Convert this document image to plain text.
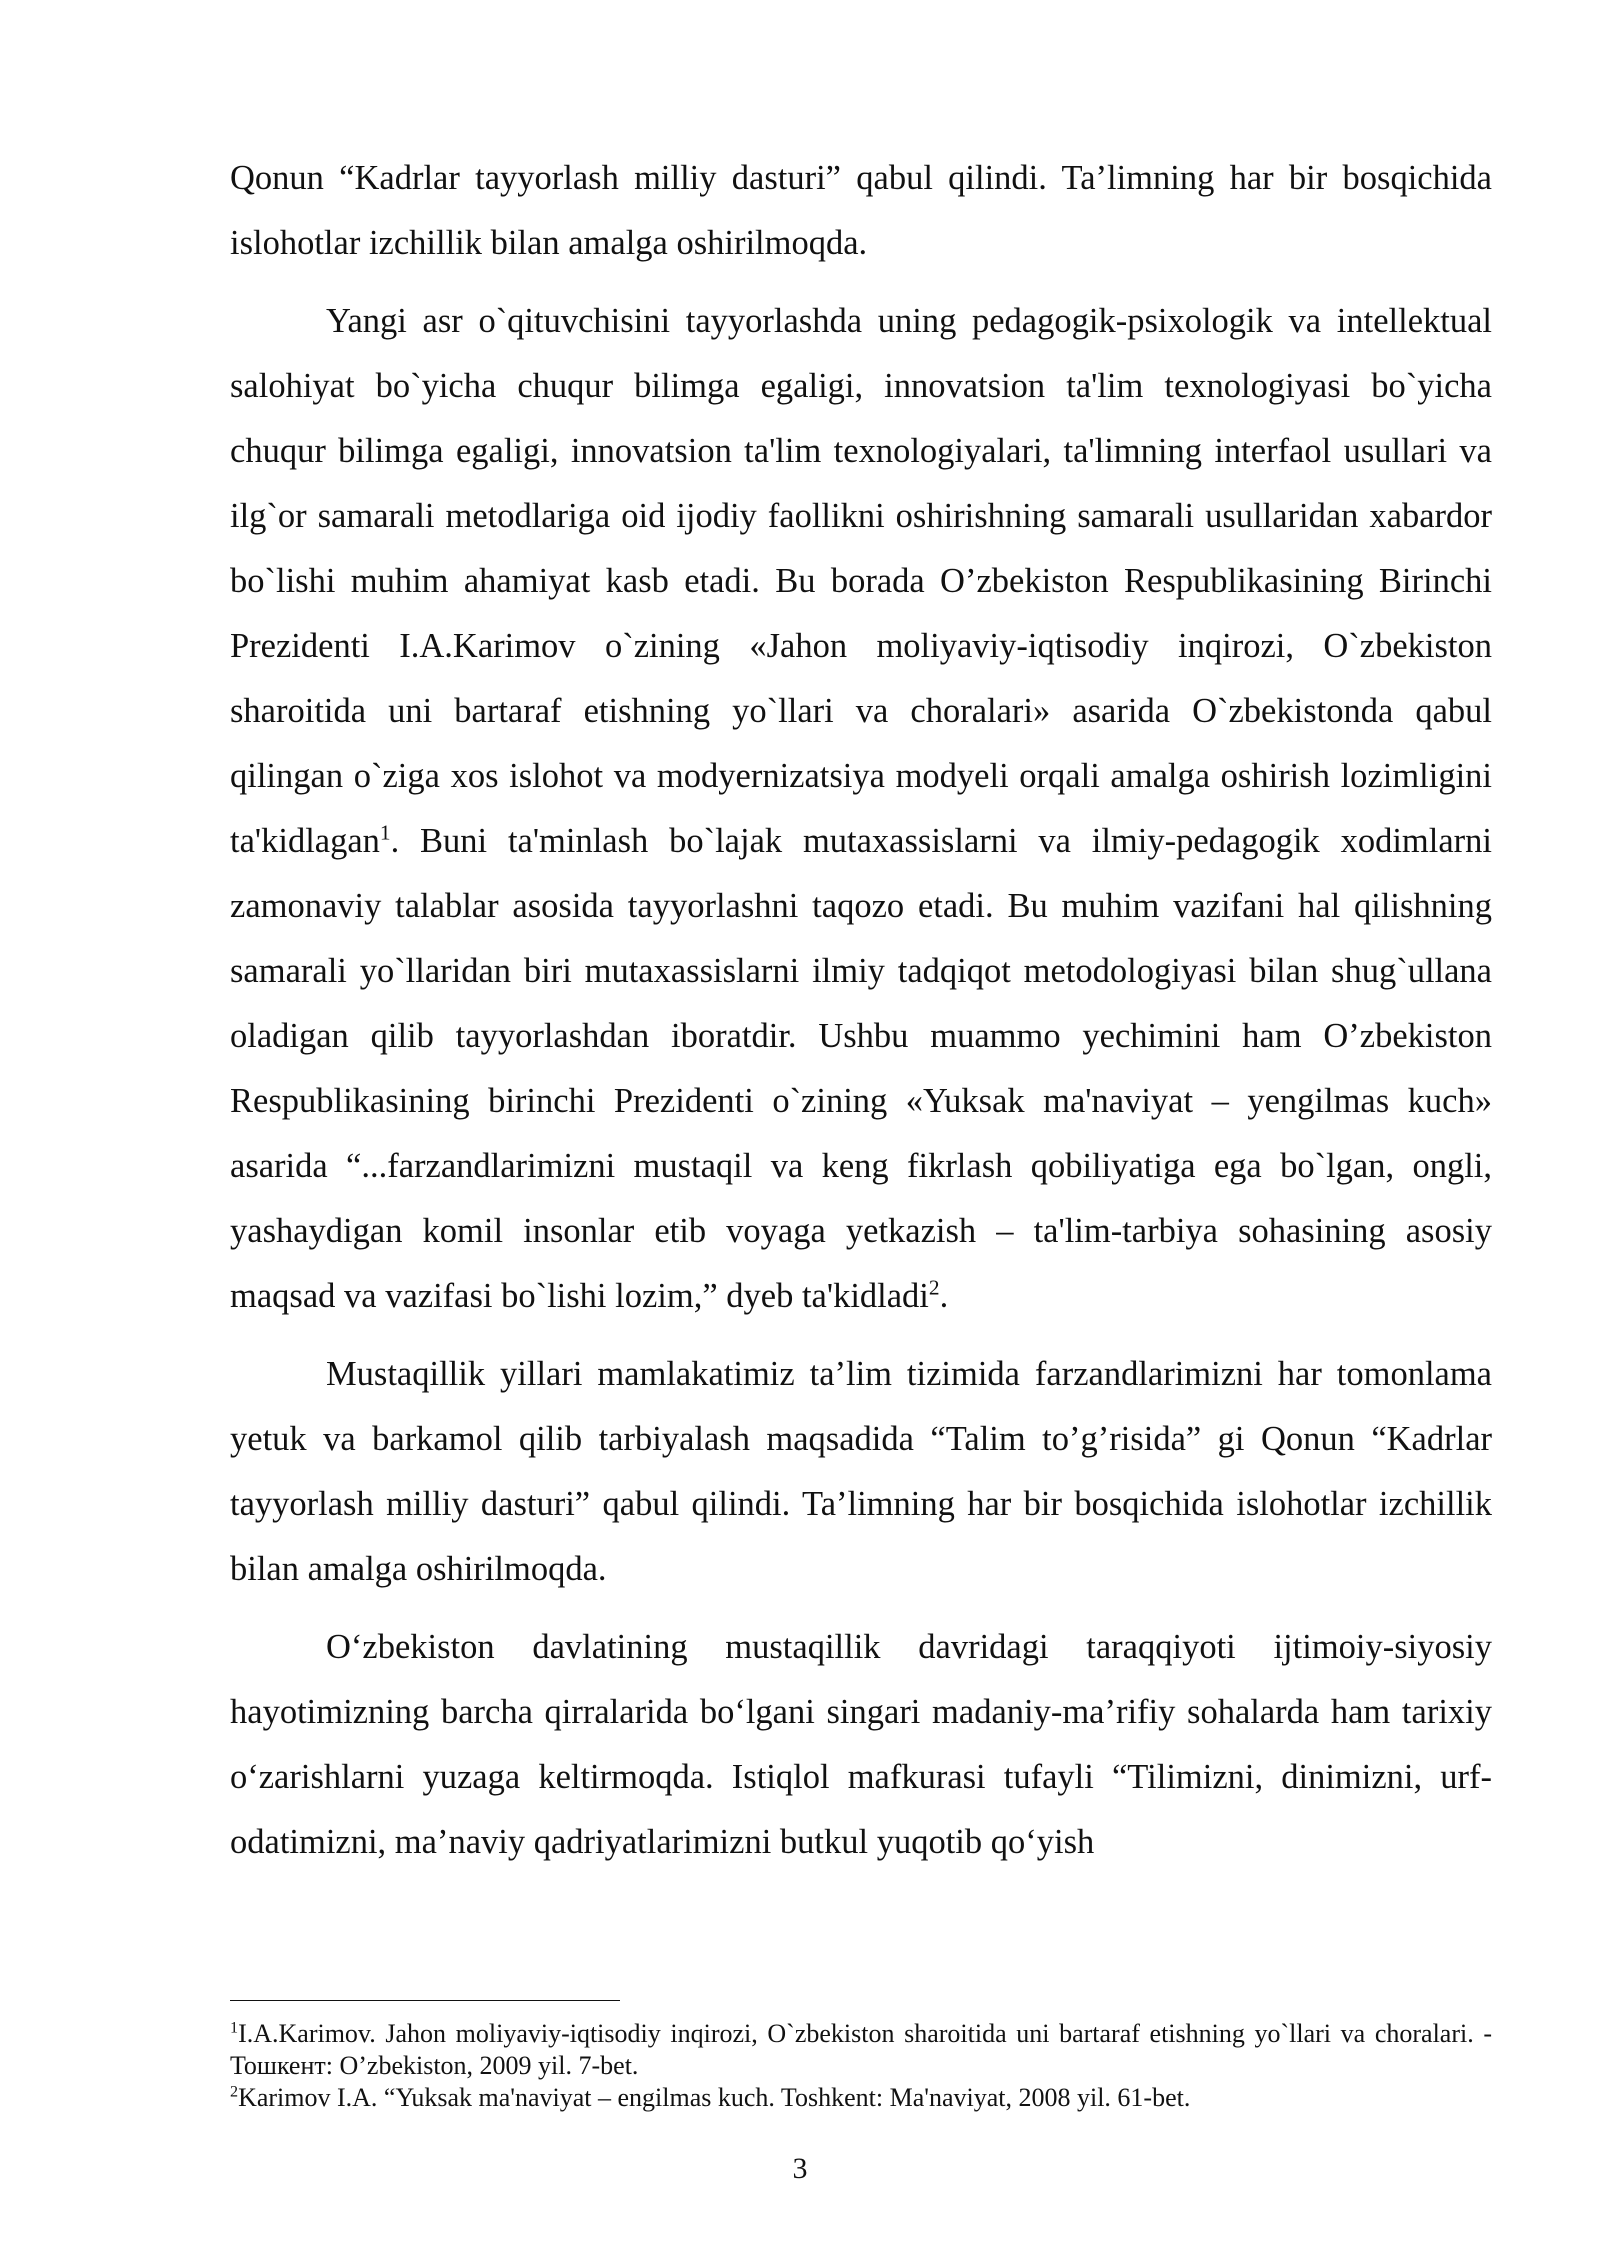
Qonun “Kadrlar tayyorlash milliy dasturi” qabul qilindi. Ta’limning har bir bosqichida islohotlar izchillik bilan amalga oshirilmoqda.

Yangi asr o`qituvchisini tayyorlashda uning pedagogik-psixologik va intellektual salohiyat bo`yicha chuqur bilimga egaligi, innovatsion ta'lim texnologiyasi bo`yicha chuqur bilimga egaligi, innovatsion ta'lim texnologiyalari, ta'limning interfaol usullari va ilg`or samarali metodlariga oid ijodiy faollikni oshirishning samarali usullaridan xabardor bo`lishi muhim ahamiyat kasb etadi. Bu borada O’zbekiston Respublikasining Birinchi Prezidenti I.A.Karimov o`zining «Jahon moliyaviy-iqtisodiy inqirozi, O`zbekiston sharoitida uni bartaraf etishning yo`llari va choralari» asarida O`zbekistonda qabul qilingan o`ziga xos islohot va modyernizatsiya modyeli orqali amalga oshirish lozimligini ta'kidlagan$^1$. Buni ta'minlash bo`lajak mutaxassislarni va ilmiy-pedagogik xodimlarni zamonaviy talablar asosida tayyorlashni taqozo etadi. Bu muhim vazifani hal qilishning samarali yo`llaridan biri mutaxassislarni ilmiy tadqiqot metodologiyasi bilan shug`ullana oladigan qilib tayyorlashdan iboratdir. Ushbu muammo yechimini ham O’zbekiston Respublikasining birinchi Prezidenti o`zining «Yuksak ma'naviyat – yengilmas kuch» asarida “...farzandlarimizni mustaqil va keng fikrlash qobiliyatiga ega bo`lgan, ongli, yashaydigan komil insonlar etib voyaga yetkazish – ta'lim-tarbiya sohasining asosiy maqsad va vazifasi bo`lishi lozim,” dyeb ta'kidladi$^2$.

Mustaqillik yillari mamlakatimiz ta’lim tizimida farzandlarimizni har tomonlama yetuk va barkamol qilib tarbiyalash maqsadida “Talim to’g’risida” gi Qonun “Kadrlar tayyorlash milliy dasturi” qabul qilindi. Ta’limning har bir bosqichida islohotlar izchillik bilan amalga oshirilmoqda.

O‘zbekiston davlatining mustaqillik davridagi taraqqiyoti ijtimoiy-siyosiy hayotimizning barcha qirralarida bo‘lgani singari madaniy-ma’rifiy sohalarda ham tarixiy o‘zarishlarni yuzaga keltirmoqda. Istiqlol mafkurasi tufayli “Tilimizni, dinimizni, urf-odatimizni, ma’naviy qadriyatlarimizni butkul yuqotib qo‘yish

$^1$I.A.Karimov. Jahon moliyaviy-iqtisodiy inqirozi, O`zbekiston sharoitida uni bartaraf etishning yo`llari va choralari. - Тошкент: O’zbekiston, 2009 yil. 7-bet.

$^2$Karimov I.A. “Yuksak ma'naviyat – engilmas kuch. Toshkent: Ma'naviyat, 2008 yil. 61-bet.

3
